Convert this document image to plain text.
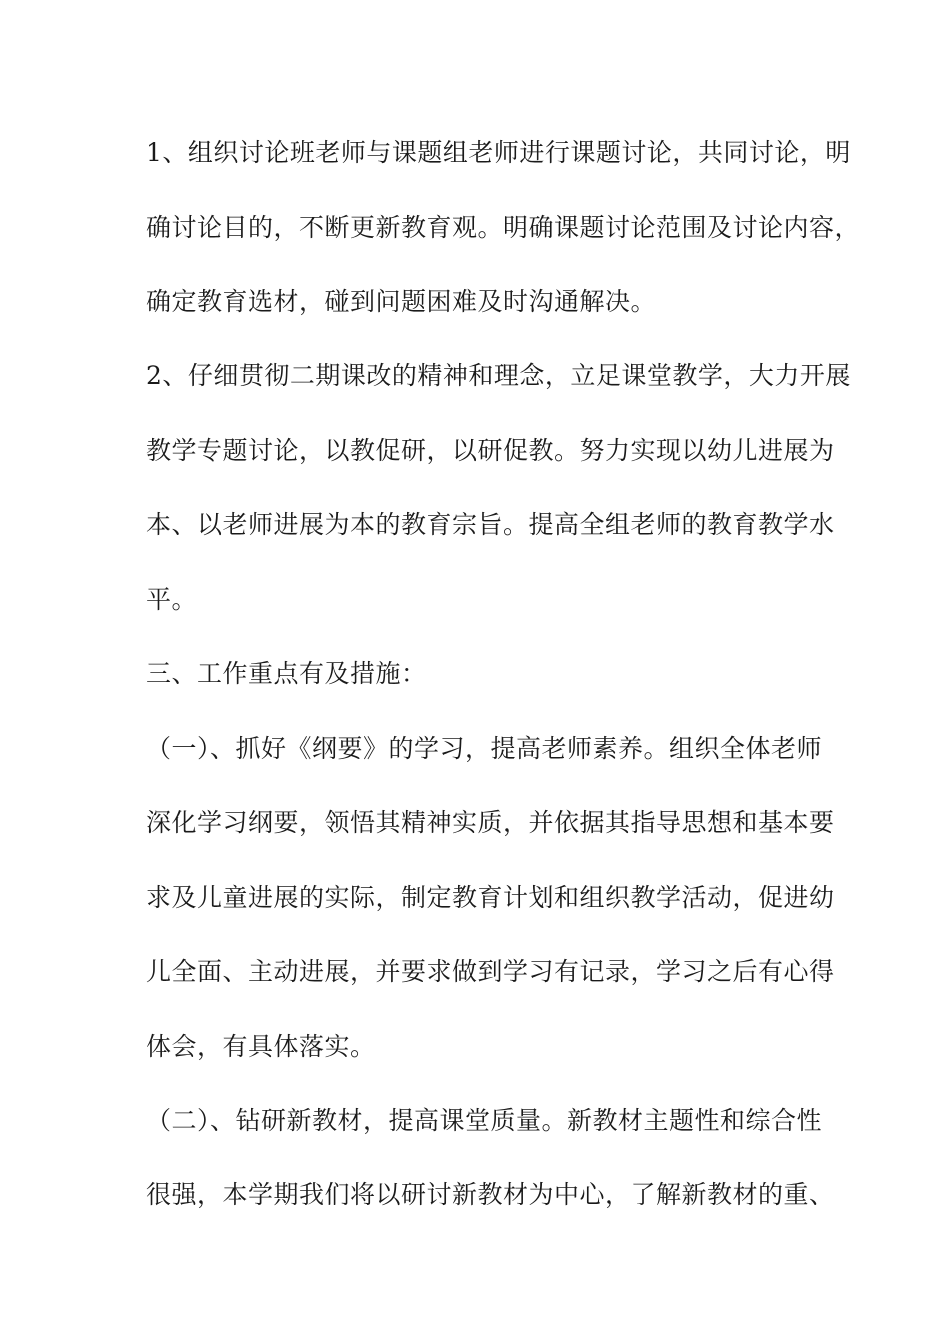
1、组织讨论班老师与课题组老师进行课题讨论，共同讨论，明
确讨论目的，不断更新教育观。明确课题讨论范围及讨论内容，
确定教育选材，碰到问题困难及时沟通解决。
2、仔细贯彻二期课改的精神和理念，立足课堂教学，大力开展
教学专题讨论，以教促研，以研促教。努力实现以幼儿进展为
本、以老师进展为本的教育宗旨。提高全组老师的教育教学水
平。
三、工作重点有及措施：
（一）、抓好《纲要》的学习，提高老师素养。组织全体老师
深化学习纲要，领悟其精神实质，并依据其指导思想和基本要
求及儿童进展的实际，制定教育计划和组织教学活动，促进幼
儿全面、主动进展，并要求做到学习有记录，学习之后有心得
体会，有具体落实。
（二）、钻研新教材，提高课堂质量。新教材主题性和综合性
很强，本学期我们将以研讨新教材为中心，了解新教材的重、
